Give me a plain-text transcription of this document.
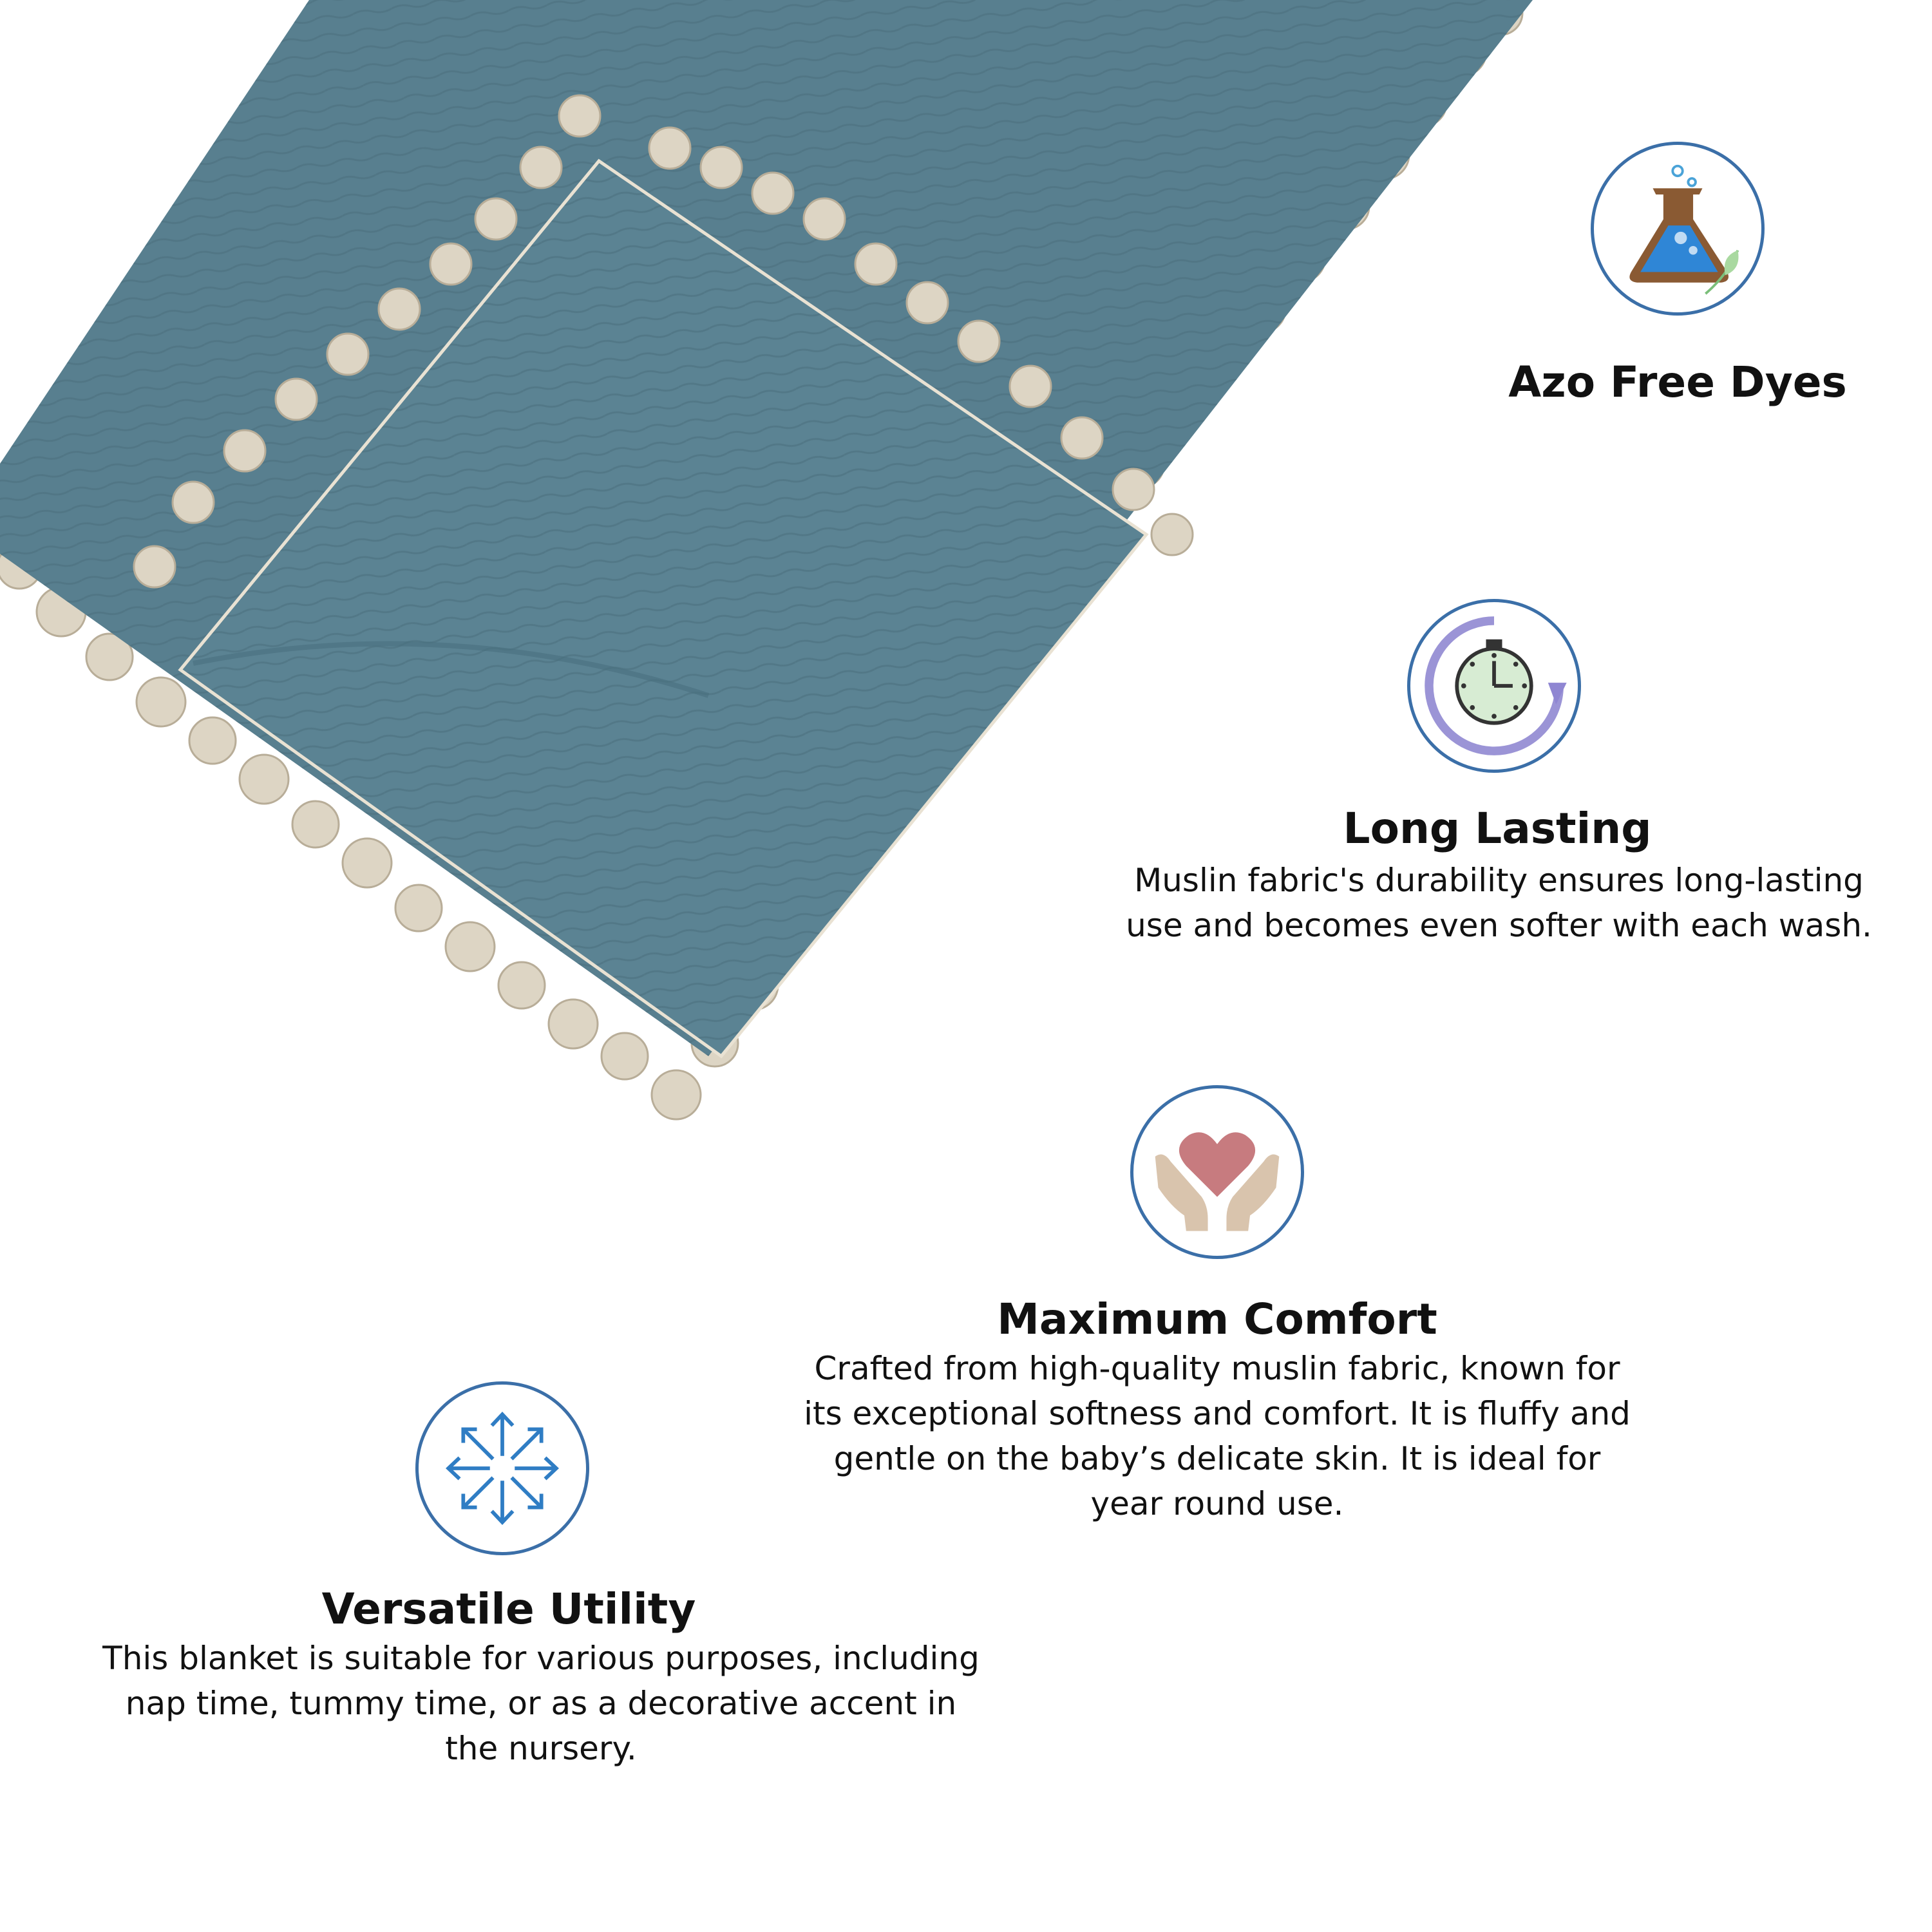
Azo Free Dyes
Long Lasting
Muslin fabric's durability ensures long-lasting use and becomes even softer with each wash.
Maximum Comfort
Crafted from high-quality muslin fabric, known for its exceptional softness and comfort. It is fluffy and gentle on the baby’s delicate skin. It is ideal for year round use.
Versatile Utility
This blanket is suitable for various purposes, including nap time, tummy time, or as a decorative accent in the nursery.
